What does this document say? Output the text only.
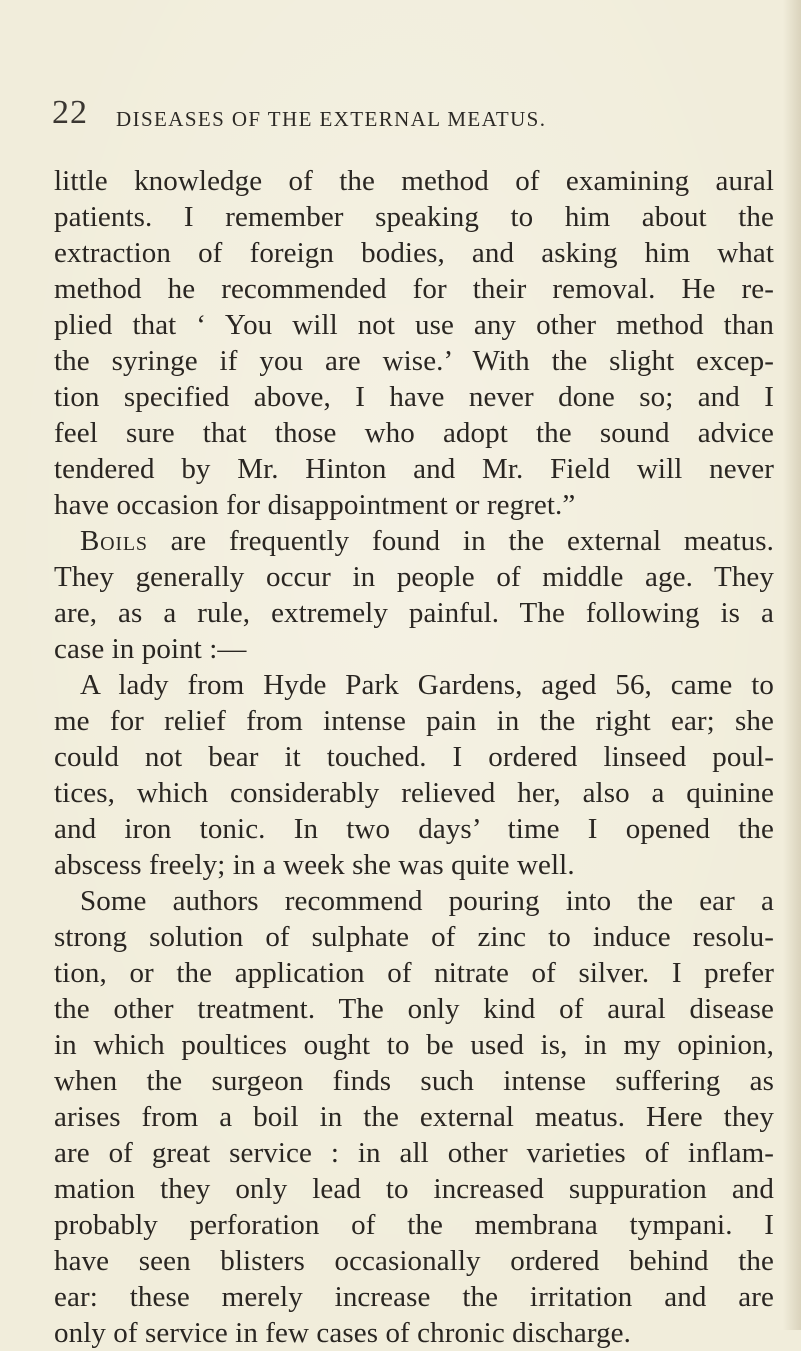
22 DISEASES OF THE EXTERNAL MEATUS.
little knowledge of the method of examining aural
patients. I remember speaking to him about the
extraction of foreign bodies, and asking him what
method he recommended for their removal. He re-
plied that ‘ You will not use any other method than
the syringe if you are wise.’ With the slight excep-
tion specified above, I have never done so; and I
feel sure that those who adopt the sound advice
tendered by Mr. Hinton and Mr. Field will never
have occasion for disappointment or regret.”
Boils are frequently found in the external meatus.
They generally occur in people of middle age. They
are, as a rule, extremely painful. The following is a
case in point :—
A lady from Hyde Park Gardens, aged 56, came to
me for relief from intense pain in the right ear; she
could not bear it touched. I ordered linseed poul-
tices, which considerably relieved her, also a quinine
and iron tonic. In two days’ time I opened the
abscess freely; in a week she was quite well.
Some authors recommend pouring into the ear a
strong solution of sulphate of zinc to induce resolu-
tion, or the application of nitrate of silver. I prefer
the other treatment. The only kind of aural disease
in which poultices ought to be used is, in my opinion,
when the surgeon finds such intense suffering as
arises from a boil in the external meatus. Here they
are of great service : in all other varieties of inflam-
mation they only lead to increased suppuration and
probably perforation of the membrana tympani. I
have seen blisters occasionally ordered behind the
ear: these merely increase the irritation and are
only of service in few cases of chronic discharge.
